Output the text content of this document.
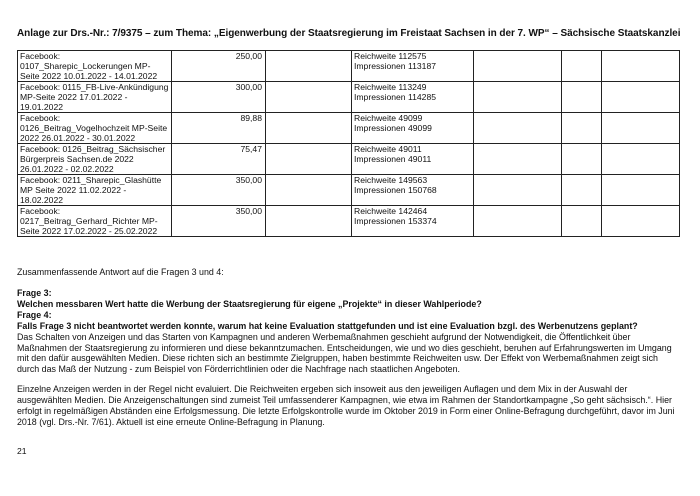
Anlage zur Drs.-Nr.: 7/9375 – zum Thema: „Eigenwerbung der Staatsregierung im Freistaat Sachsen in der 7. WP“ – Sächsische Staatskanzlei
Facebook: 0107_Sharepic_Lockerungen MP-Seite 2022 10.01.2022 - 14.01.2022	250,00		Reichweite 112575 Impressionen 113187			
Facebook: 0115_FB-Live-Ankündigung MP-Seite 2022 17.01.2022 - 19.01.2022	300,00		Reichweite 113249 Impressionen 114285			
Facebook: 0126_Beitrag_Vogelhochzeit MP-Seite 2022 26.01.2022 - 30.01.2022	89,88		Reichweite 49099 Impressionen 49099			
Facebook: 0126_Beitrag_Sächsischer Bürgerpreis Sachsen.de 2022 26.01.2022 - 02.02.2022	75,47		Reichweite 49011 Impressionen 49011			
Facebook: 0211_Sharepic_Glashütte MP Seite 2022 11.02.2022 - 18.02.2022	350,00		Reichweite 149563 Impressionen 150768			
Facebook: 0217_Beitrag_Gerhard_Richter MP-Seite 2022 17.02.2022 - 25.02.2022	350,00		Reichweite 142464 Impressionen 153374			
Zusammenfassende Antwort auf die Fragen 3 und 4:

Frage 3:

Welchen messbaren Wert hatte die Werbung der Staatsregierung für eigene „Projekte“ in dieser Wahlperiode?

Frage 4:

Falls Frage 3 nicht beantwortet werden konnte, warum hat keine Evaluation stattgefunden und ist eine Evaluation bzgl. des Werbenutzens geplant?

Das Schalten von Anzeigen und das Starten von Kampagnen und anderen Werbemaßnahmen geschieht aufgrund der Notwendigkeit, die Öffentlichkeit über Maßnahmen der Staatsregierung zu informieren und diese bekanntzumachen. Entscheidungen, wie und wo dies geschieht, beruhen auf Erfahrungswerten im Umgang mit den dafür ausgewählten Medien. Diese richten sich an bestimmte Zielgruppen, haben bestimmte Reichweiten usw. Der Effekt von Werbemaßnahmen zeigt sich durch das Maß der Nutzung - zum Beispiel von Förderrichtlinien oder die Nachfrage nach staatlichen Angeboten.

Einzelne Anzeigen werden in der Regel nicht evaluiert. Die Reichweiten ergeben sich insoweit aus den jeweiligen Auflagen und dem Mix in der Auswahl der ausgewählten Medien. Die Anzeigenschaltungen sind zumeist Teil umfassenderer Kampagnen, wie etwa im Rahmen der Standortkampagne „So geht sächsisch.“. Hier erfolgt in regelmäßigen Abständen eine Erfolgsmessung. Die letzte Erfolgskontrolle wurde im Oktober 2019 in Form einer Online-Befragung durchgeführt, davor im Juni 2018 (vgl. Drs.-Nr. 7/61). Aktuell ist eine erneute Online-Befragung in Planung.

21
